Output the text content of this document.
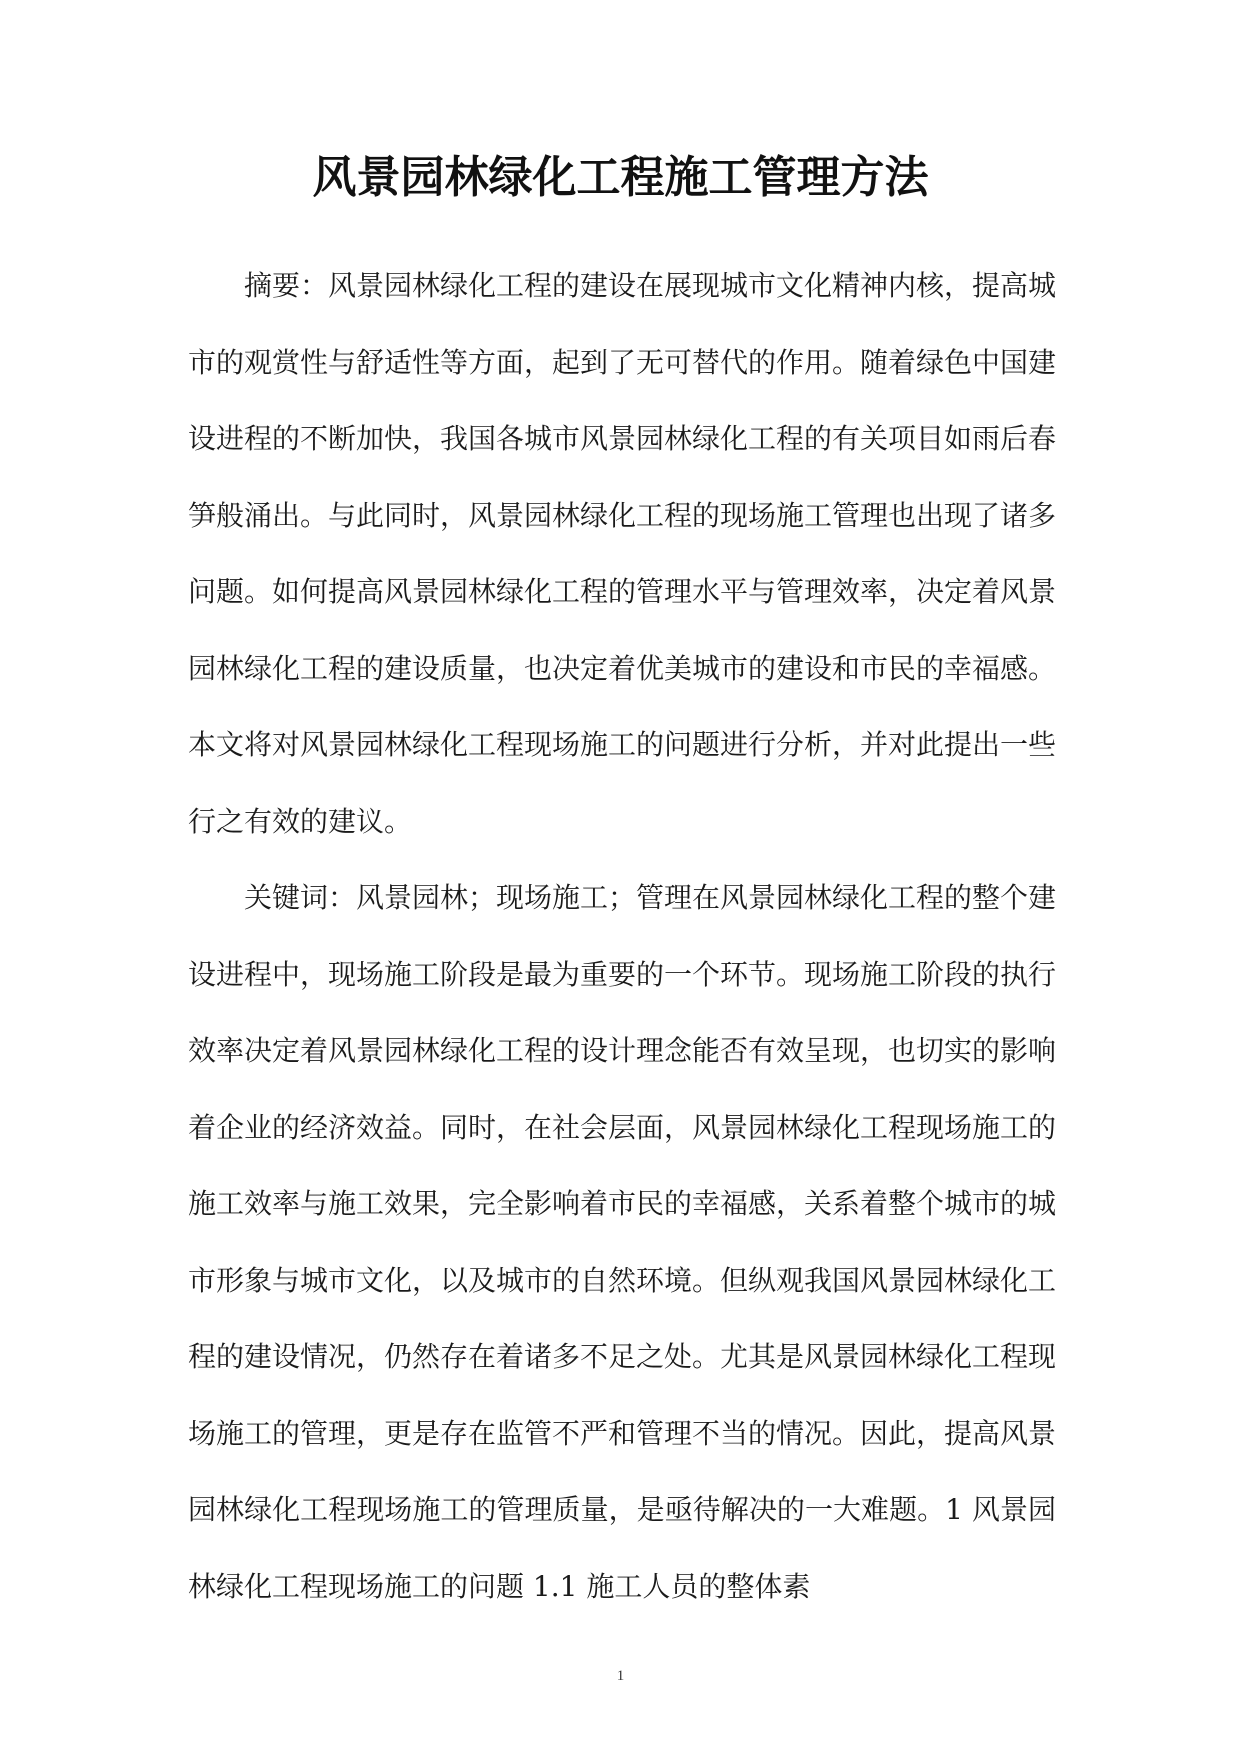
风景园林绿化工程施工管理方法

摘要：风景园林绿化工程的建设在展现城市文化精神内核，提高城市的观赏性与舒适性等方面，起到了无可替代的作用。随着绿色中国建设进程的不断加快，我国各城市风景园林绿化工程的有关项目如雨后春笋般涌出。与此同时，风景园林绿化工程的现场施工管理也出现了诸多问题。如何提高风景园林绿化工程的管理水平与管理效率，决定着风景园林绿化工程的建设质量，也决定着优美城市的建设和市民的幸福感。本文将对风景园林绿化工程现场施工的问题进行分析，并对此提出一些行之有效的建议。

关键词：风景园林；现场施工；管理在风景园林绿化工程的整个建设进程中，现场施工阶段是最为重要的一个环节。现场施工阶段的执行效率决定着风景园林绿化工程的设计理念能否有效呈现，也切实的影响着企业的经济效益。同时，在社会层面，风景园林绿化工程现场施工的施工效率与施工效果，完全影响着市民的幸福感，关系着整个城市的城市形象与城市文化，以及城市的自然环境。但纵观我国风景园林绿化工程的建设情况，仍然存在着诸多不足之处。尤其是风景园林绿化工程现场施工的管理，更是存在监管不严和管理不当的情况。因此，提高风景园林绿化工程现场施工的管理质量，是亟待解决的一大难题。1 风景园林绿化工程现场施工的问题 1.1 施工人员的整体素

1
